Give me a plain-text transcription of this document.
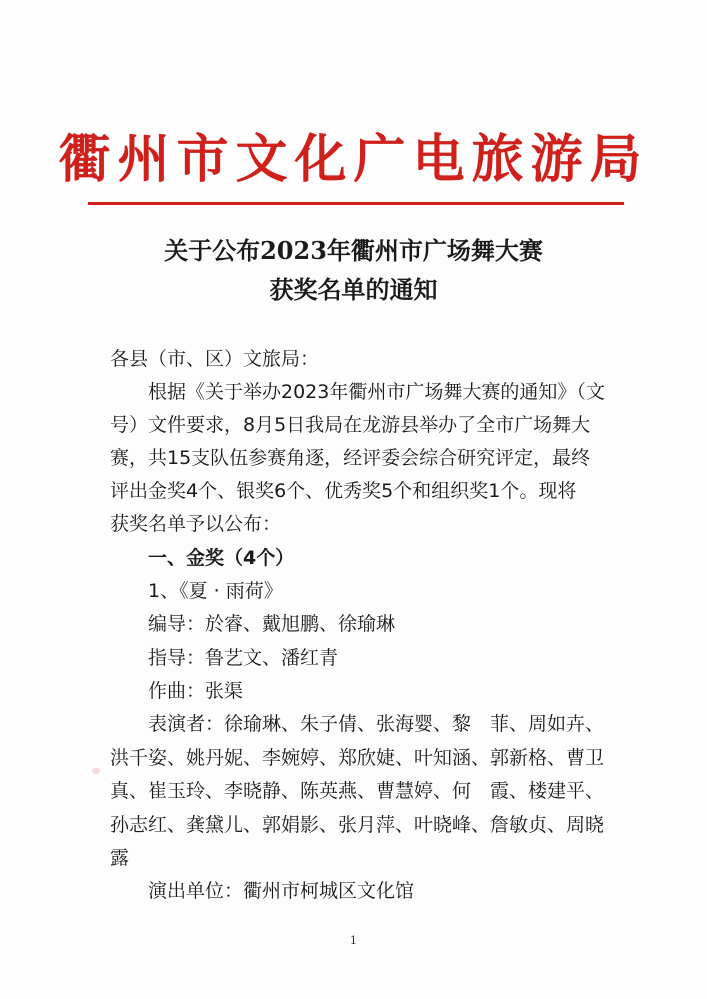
衢州市文化广电旅游局
关于公布2023年衢州市广场舞大赛
获奖名单的通知
各县（市、区）文旅局：
根据《关于举办2023年衢州市广场舞大赛的通知》（文
号）文件要求，8月5日我局在龙游县举办了全市广场舞大
赛，共15支队伍参赛角逐，经评委会综合研究评定，最终
评出金奖4个、银奖6个、优秀奖5个和组织奖1个。现将
获奖名单予以公布：
一、金奖（4个）
1、《夏 · 雨荷》
编导：於睿、戴旭鹏、徐瑜琳
指导：鲁艺文、潘红青
作曲：张渠
表演者：徐瑜琳、朱子倩、张海婴、黎　菲、周如卉、
洪千姿、姚丹妮、李婉婷、郑欣婕、叶知涵、郭新格、曹卫
真、崔玉玲、李晓静、陈英燕、曹慧婷、何　霞、楼建平、
孙志红、龚黛儿、郭娟影、张月萍、叶晓峰、詹敏贞、周晓
露
演出单位：衢州市柯城区文化馆
1
